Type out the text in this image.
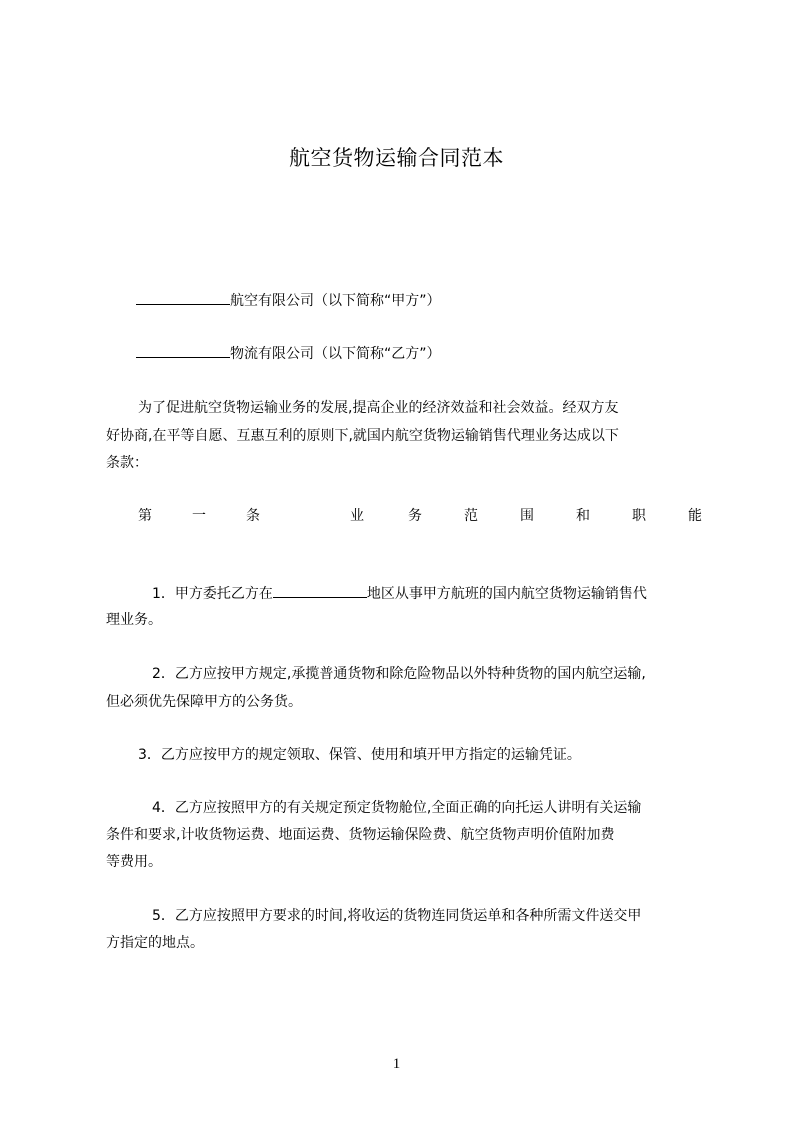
航空货物运输合同范本
航空有限公司（以下简称“甲方”）
物流有限公司（以下简称“乙方”）
为了促进航空货物运输业务的发展,提高企业的经济效益和社会效益。经双方友
好协商,在平等自愿、互惠互利的原则下,就国内航空货物运输销售代理业务达成以下
条款：
第	一	条	业	务	范	围	和	职	能
1．甲方委托乙方在	地区从事甲方航班的国内航空货物运输销售代
理业务。
2．乙方应按甲方规定,承揽普通货物和除危险物品以外特种货物的国内航空运输,
但必须优先保障甲方的公务货。
3．乙方应按甲方的规定领取、保管、使用和填开甲方指定的运输凭证。
4．乙方应按照甲方的有关规定预定货物舱位,全面正确的向托运人讲明有关运输
条件和要求,计收货物运费、地面运费、货物运输保险费、航空货物声明价值附加费
等费用。
5．乙方应按照甲方要求的时间,将收运的货物连同货运单和各种所需文件送交甲
方指定的地点。
1
